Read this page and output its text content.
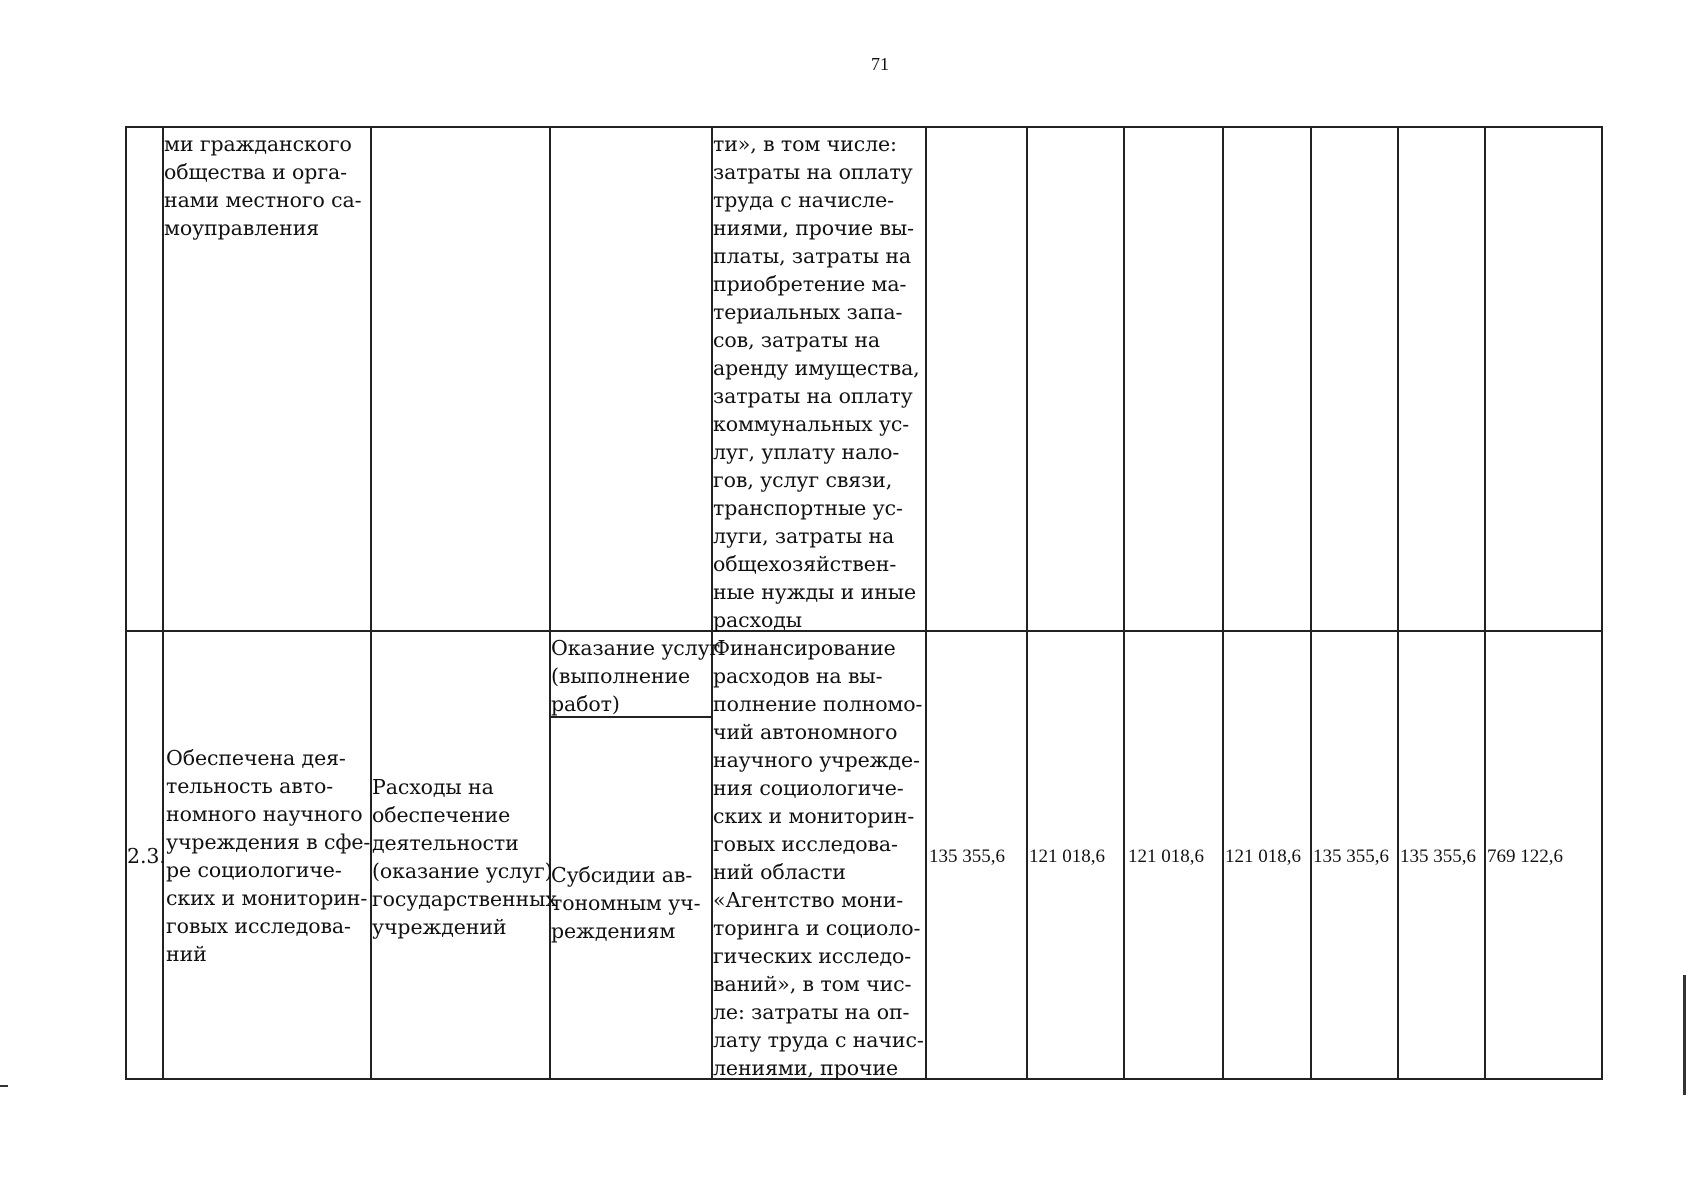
71
ми гражданского
общества и орга-
нами местного са-
моуправления
ти», в том числе:
затраты на оплату
труда с начисле-
ниями, прочие вы-
платы, затраты на
приобретение ма-
териальных запа-
сов, затраты на
аренду имущества,
затраты на оплату
коммунальных ус-
луг, уплату нало-
гов, услуг связи,
транспортные ус-
луги, затраты на
общехозяйствен-
ные нужды и иные
расходы
2.3.
Обеспечена дея-
тельность авто-
номного научного
учреждения в сфе-
ре социологиче-
ских и мониторин-
говых исследова-
ний
Расходы на
обеспечение
деятельности
(оказание услуг)
государственных
учреждений
Оказание услуг
(выполнение
работ)
Субсидии ав-
тономным уч-
реждениям
Финансирование
расходов на вы-
полнение полномо-
чий автономного
научного учрежде-
ния социологиче-
ских и мониторин-
говых исследова-
ний области
«Агентство мони-
торинга и социоло-
гических исследо-
ваний», в том чис-
ле: затраты на оп-
лату труда с начис-
лениями, прочие
135 355,6 121 018,6 121 018,6 121 018,6 135 355,6 135 355,6 769 122,6
